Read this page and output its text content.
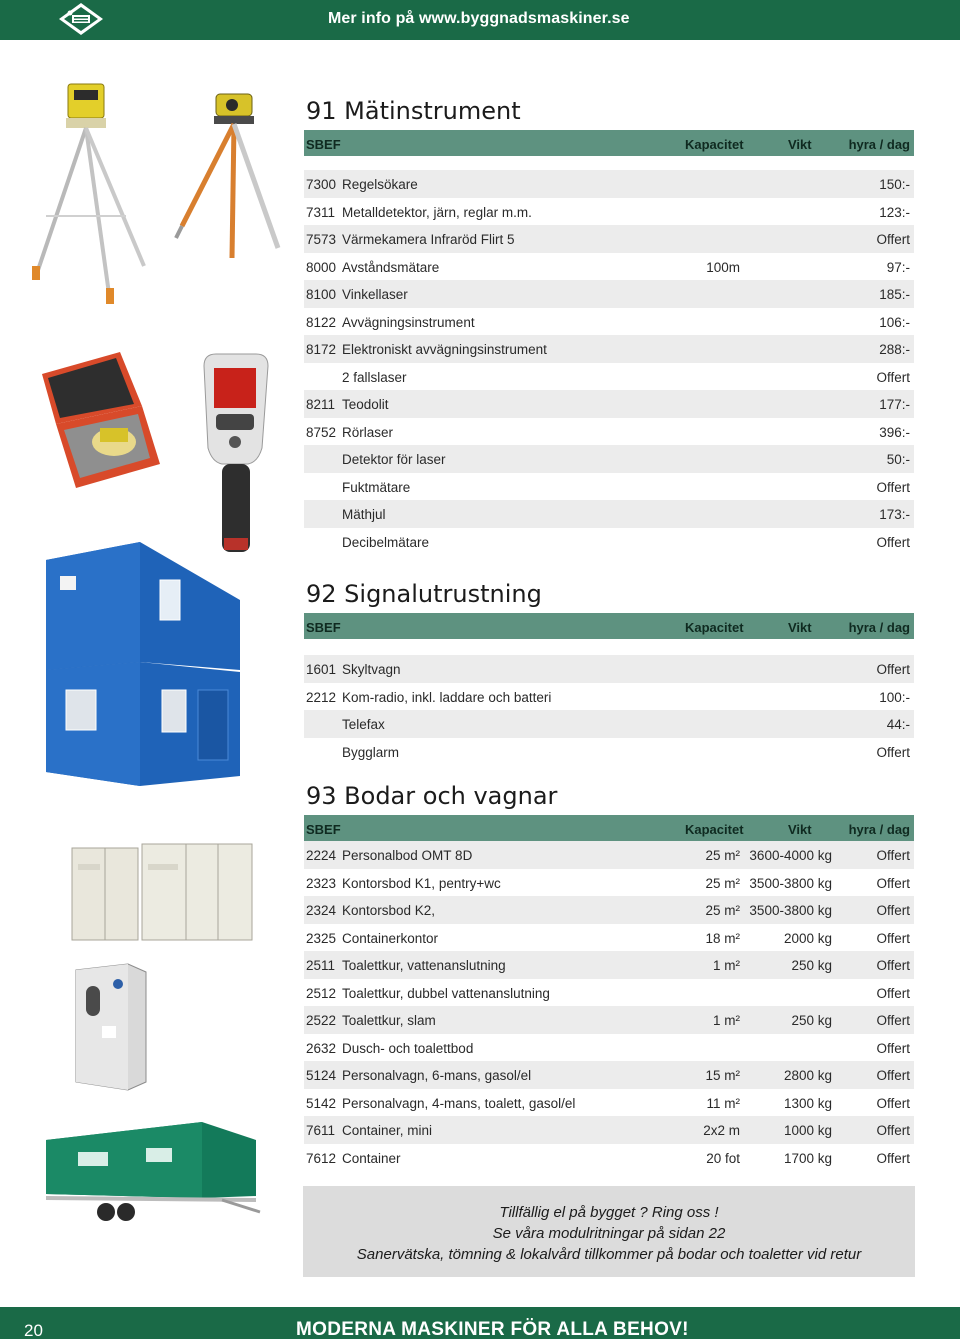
Mer info på www.byggnadsmaskiner.se
91 Mätinstrument
SBEF	Kapacitet	Vikt	hyra / dag
7300 Regelsökare	150:-
7311 Metalldetektor, järn, reglar m.m.	123:-
7573 Värmekamera Infraröd Flirt 5	Offert
8000 Avståndsmätare	100m	97:-
8100 Vinkellaser	185:-
8122 Avvägningsinstrument	106:-
8172 Elektroniskt avvägningsinstrument	288:-
2 fallslaser	Offert
8211 Teodolit	177:-
8752 Rörlaser	396:-
Detektor för laser	50:-
Fuktmätare	Offert
Mäthjul	173:-
Decibelmätare	Offert
92 Signalutrustning
SBEF	Kapacitet	Vikt	hyra / dag
1601 Skyltvagn	Offert
2212 Kom-radio, inkl. laddare och batteri	100:-
Telefax	44:-
Bygglarm	Offert
93 Bodar och vagnar
SBEF	Kapacitet	Vikt	hyra / dag
2224 Personalbod OMT 8D	25 m² 3600-4000 kg	Offert
2323 Kontorsbod K1, pentry+wc	25 m² 3500-3800 kg	Offert
2324 Kontorsbod K2,	25 m² 3500-3800 kg	Offert
2325 Containerkontor	18 m²	2000 kg	Offert
2511 Toalettkur, vattenanslutning	1 m²	250 kg	Offert
2512 Toalettkur, dubbel vattenanslutning	Offert
2522 Toalettkur, slam	1 m²	250 kg	Offert
2632 Dusch- och toalettbod	Offert
5124 Personalvagn, 6-mans, gasol/el	15 m²	2800 kg	Offert
5142 Personalvagn, 4-mans, toalett, gasol/el	11 m²	1300 kg	Offert
7611 Container, mini	2x2 m	1000 kg	Offert
7612 Container	20 fot	1700 kg	Offert
Tillfällig el på bygget ? Ring oss !
Se våra modulritningar på sidan 22
Sanervätska, tömning & lokalvård tillkommer på bodar och toaletter vid retur
20	MODERNA MASKINER FÖR ALLA BEHOV!
